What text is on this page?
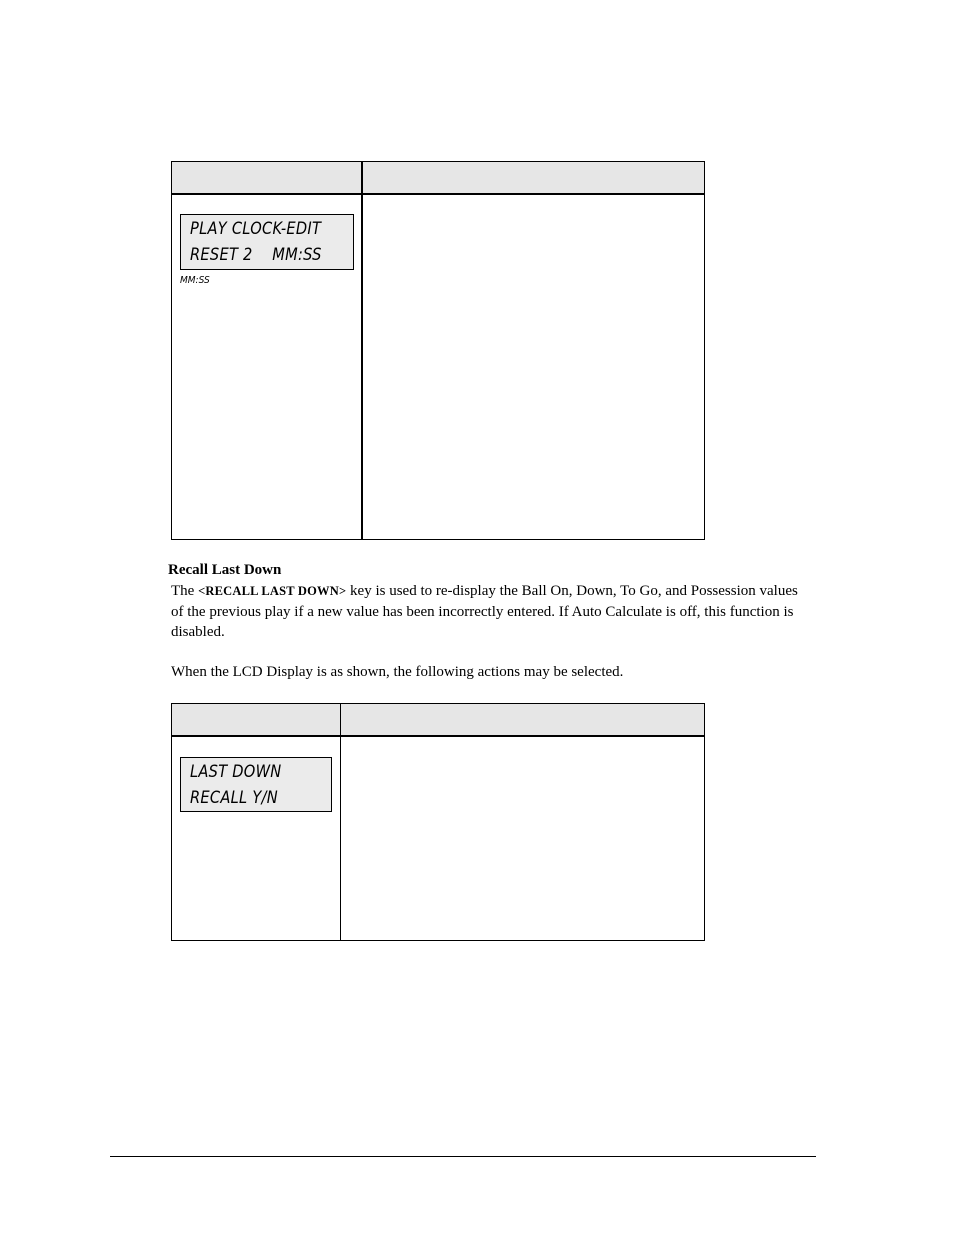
PLAY CLOCK-EDIT
RESET 2    MM:SS
MM:SS
Recall Last Down

The <RECALL LAST DOWN> key is used to re-display the Ball On, Down, To Go, and Possession values of the previous play if a new value has been incorrectly entered. If Auto Calculate is off, this function is disabled.

When the LCD Display is as shown, the following actions may be selected.

LAST DOWN
RECALL Y/N
